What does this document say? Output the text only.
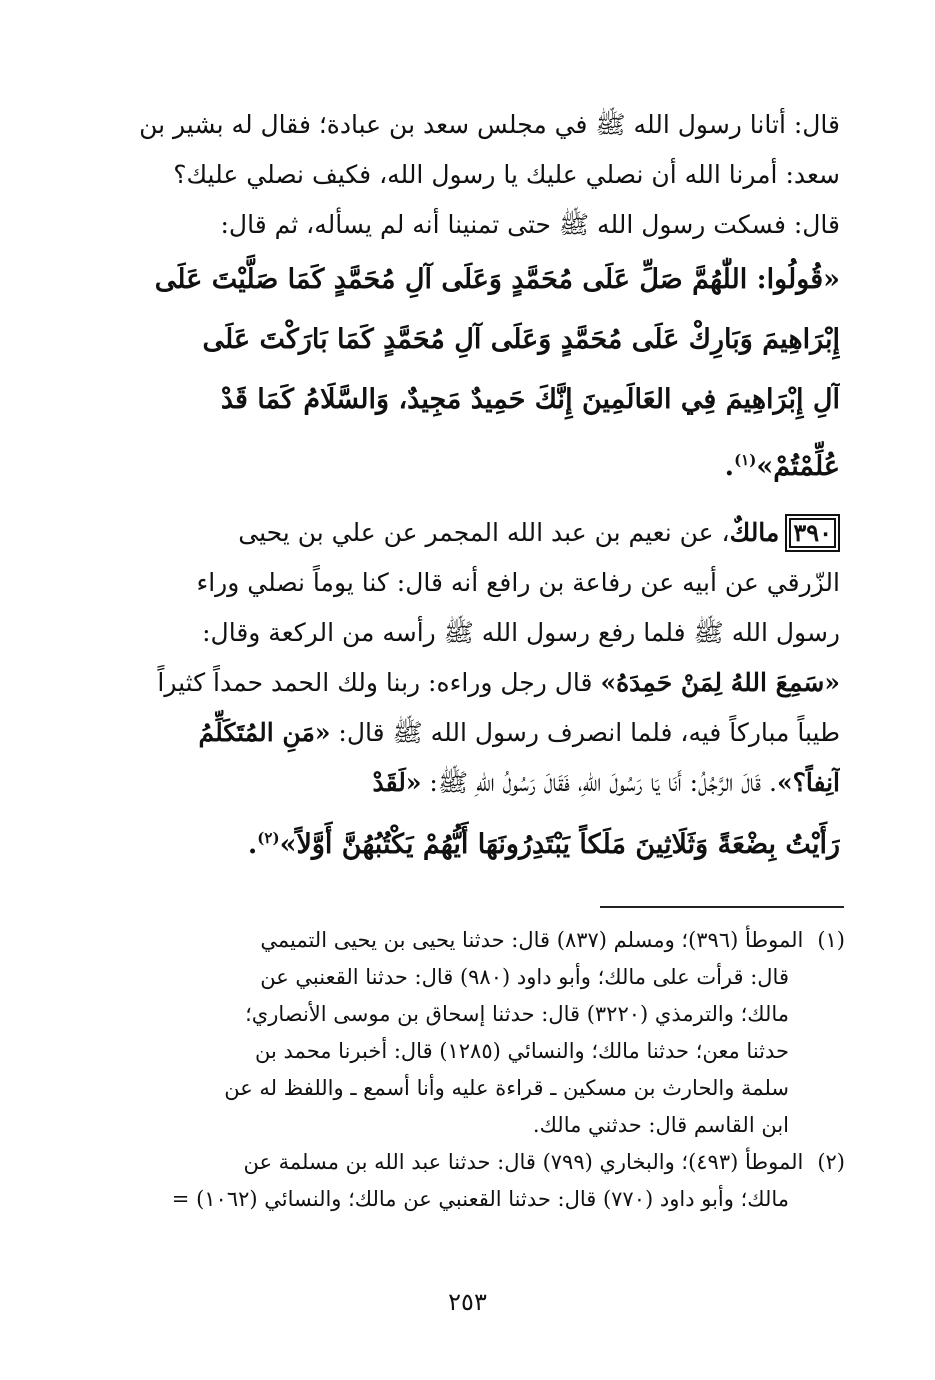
قال: أتانا رسول الله ﷺ في مجلس سعد بن عبادة؛ فقال له بشير بن
سعد: أمرنا الله أن نصلي عليك يا رسول الله، فكيف نصلي عليك؟
قال: فسكت رسول الله ﷺ حتى تمنينا أنه لم يسأله، ثم قال:
«قُولُوا: اللّٰهُمَّ صَلِّ عَلَى مُحَمَّدٍ وَعَلَى آلِ مُحَمَّدٍ كَمَا صَلَّيْتَ عَلَى
إِبْرَاهِيمَ وَبَارِكْ عَلَى مُحَمَّدٍ وَعَلَى آلِ مُحَمَّدٍ كَمَا بَارَكْتَ عَلَى
آلِ إِبْرَاهِيمَ فِي العَالَمِينَ إِنَّكَ حَمِيدٌ مَجِيدٌ، وَالسَّلَامُ كَمَا قَدْ
عُلِّمْتُمْ»$^{(١)}$.
٣٩٠مالكٌ، عن نعيم بن عبد الله المجمر عن علي بن يحيى
الزّرقي عن أبيه عن رفاعة بن رافع أنه قال: كنا يوماً نصلي وراء
رسول الله ﷺ فلما رفع رسول الله ﷺ رأسه من الركعة وقال:
«سَمِعَ اللهُ لِمَنْ حَمِدَهُ» قال رجل وراءه: ربنا ولك الحمد حمداً كثيراً
طيباً مباركاً فيه، فلما انصرف رسول الله ﷺ قال: «مَنِ المُتَكَلِّمُ
آنِفاً؟». قَالَ الرَّجُلُ: أَنَا يَا رَسُولَ اللهِ، فَقَالَ رَسُولُ اللهِ ﷺ: «لَقَدْ
رَأَيْتُ بِضْعَةً وَثَلَاثِينَ مَلَكاً يَبْتَدِرُونَهَا أَيُّهُمْ يَكْتُبُهُنَّ أَوَّلاً»$^{(٢)}$.
(١)الموطأ (٣٩٦)؛ ومسلم (٨٣٧) قال: حدثنا يحيى بن يحيى التميمي
قال: قرأت على مالك؛ وأبو داود (٩٨٠) قال: حدثنا القعنبي عن
مالك؛ والترمذي (٣٢٢٠) قال: حدثنا إسحاق بن موسى الأنصاري؛
حدثنا معن؛ حدثنا مالك؛ والنسائي (١٢٨٥) قال: أخبرنا محمد بن
سلمة والحارث بن مسكين ـ قراءة عليه وأنا أسمع ـ واللفظ له عن
ابن القاسم قال: حدثني مالك.
(٢)الموطأ (٤٩٣)؛ والبخاري (٧٩٩) قال: حدثنا عبد الله بن مسلمة عن
مالك؛ وأبو داود (٧٧٠) قال: حدثنا القعنبي عن مالك؛ والنسائي (١٠٦٢) =
٢٥٣
